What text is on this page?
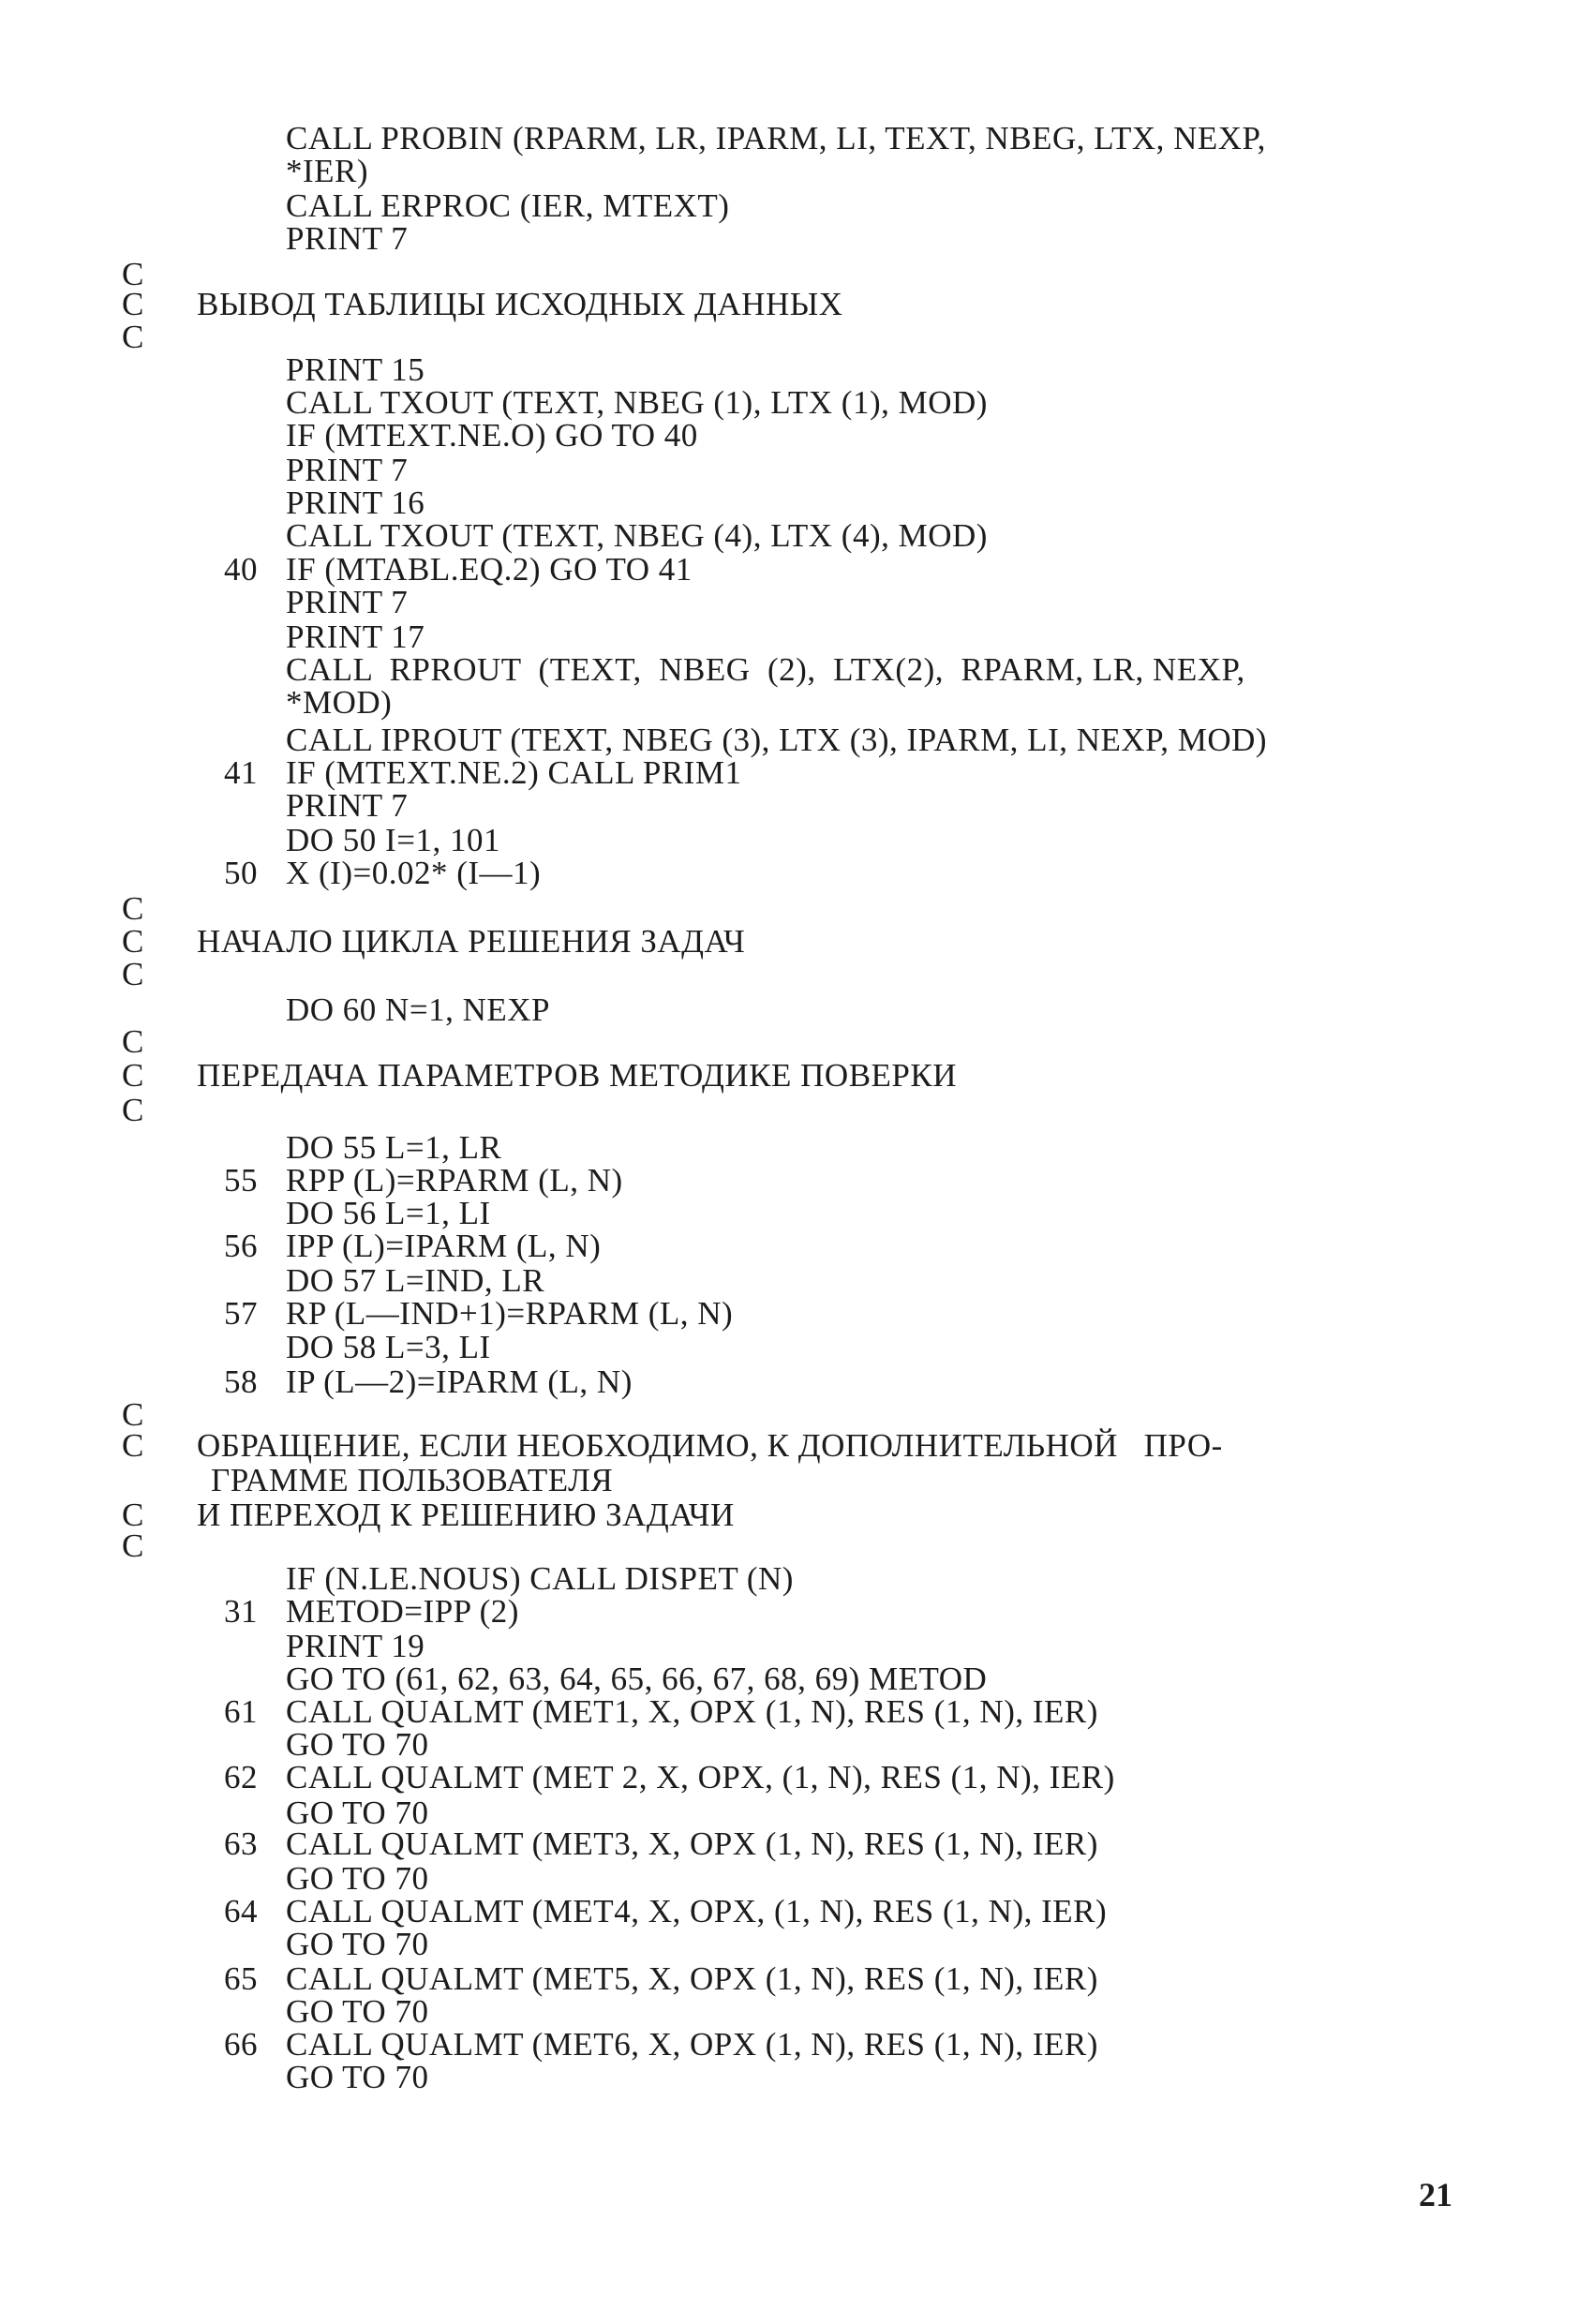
CALL PROBIN (RPARM, LR, IPARM, LI, TEXT, NBEG, LTX, NEXP,
*IER)
CALL ERPROC (IER, MTEXT)
PRINT 7
C
C	ВЫВОД ТАБЛИЦЫ ИСХОДНЫХ ДАННЫХ
C
PRINT 15
CALL TXOUT (TEXT, NBEG (1), LTX (1), MOD)
IF (MTEXT.NE.O) GO TO 40
PRINT 7
PRINT 16
CALL TXOUT (TEXT, NBEG (4), LTX (4), MOD)
40 IF (MTABL.EQ.2) GO TO 41
PRINT 7
PRINT 17
CALL  RPROUT  (TEXT,  NBEG  (2),  LTX(2),  RPARM, LR, NEXP,
*MOD)
CALL IPROUT (TEXT, NBEG (3), LTX (3), IPARM, LI, NEXP, MOD)
41 IF (MTEXT.NE.2) CALL PRIM1
PRINT 7
DO 50 I=1, 101
50 X (I)=0.02* (I—1)
C
C	НАЧАЛО ЦИКЛА РЕШЕНИЯ ЗАДАЧ
C
DO 60 N=1, NEXP
C
C	ПЕРЕДАЧА ПАРАМЕТРОВ МЕТОДИКЕ ПОВЕРКИ
C
DO 55 L=1, LR
55 RPP (L)=RPARM (L, N)
DO 56 L=1, LI
56 IPP (L)=IPARM (L, N)
DO 57 L=IND, LR
57 RP (L—IND+1)=RPARM (L, N)
DO 58 L=3, LI
58 IP (L—2)=IPARM (L, N)
C
C	ОБРАЩЕНИЕ, ЕСЛИ НЕОБХОДИМО, К ДОПОЛНИТЕЛЬНОЙ   ПРО-
ГРАММЕ ПОЛЬЗОВАТЕЛЯ
C	И ПЕРЕХОД К РЕШЕНИЮ ЗАДАЧИ
C
IF (N.LE.NOUS) CALL DISPET (N)
31 METOD=IPP (2)
PRINT 19
GO TO (61, 62, 63, 64, 65, 66, 67, 68, 69) METOD
61 CALL QUALMT (MET1, X, OPX (1, N), RES (1, N), IER)
GO TO 70
62 CALL QUALMT (MET 2, X, OPX, (1, N), RES (1, N), IER)
GO TO 70
63 CALL QUALMT (MET3, X, OPX (1, N), RES (1, N), IER)
GO TO 70
64 CALL QUALMT (MET4, X, OPX, (1, N), RES (1, N), IER)
GO TO 70
65 CALL QUALMT (MET5, X, OPX (1, N), RES (1, N), IER)
GO TO 70
66 CALL QUALMT (MET6, X, OPX (1, N), RES (1, N), IER)
GO TO 70
21
